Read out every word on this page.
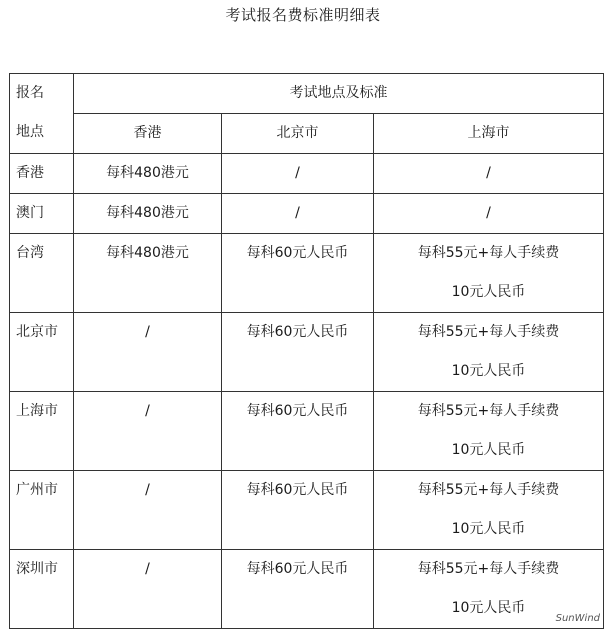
考试报名费标准明细表
报名
地点	考试地点及标准		
	香港	北京市	上海市
香港	每科480港元	/	/

澳门	每科480港元	/	/

台湾	每科480港元	每科60元人民币	每科55元+每人手续费
10元人民币

北京市	/	每科60元人民币	每科55元+每人手续费
10元人民币

上海市	/	每科60元人民币	每科55元+每人手续费
10元人民币

广州市	/	每科60元人民币	每科55元+每人手续费
10元人民币

深圳市	/	每科60元人民币	每科55元+每人手续费
10元人民币
SunWind
